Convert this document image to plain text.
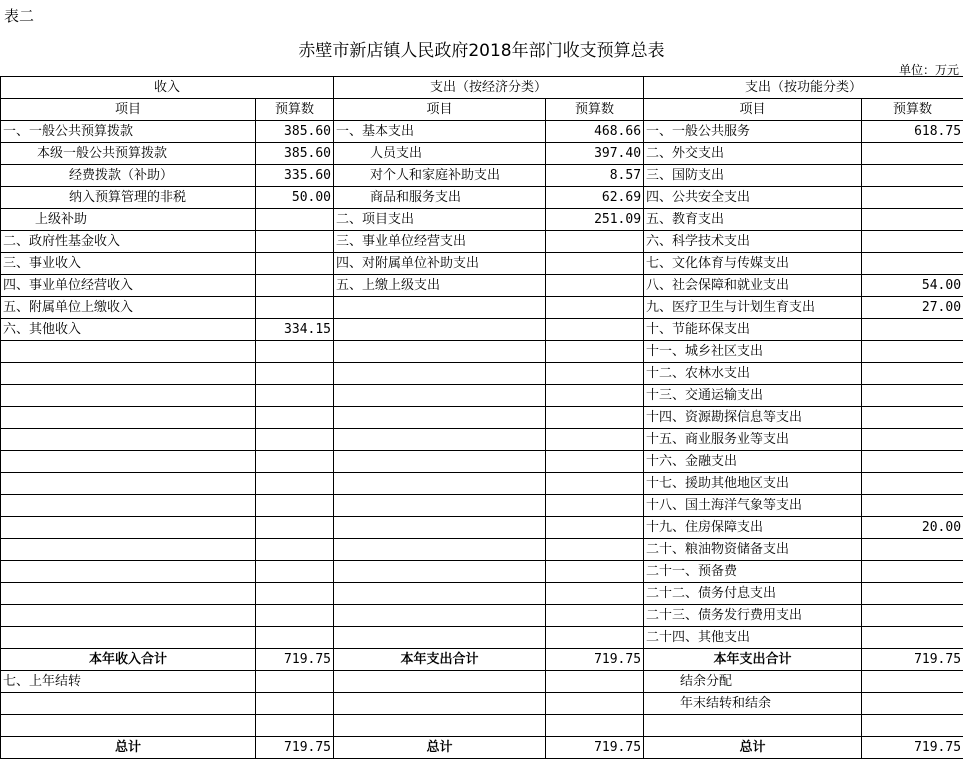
表二
赤壁市新店镇人民政府2018年部门收支预算总表
单位：万元
收入		支出（按经济分类）		支出（按功能分类）	
项目	预算数	项目	预算数	项目	预算数
一、一般公共预算拨款	385.60	一、基本支出	468.66	一、一般公共服务	618.75
本级一般公共预算拨款	385.60	人员支出	397.40	二、外交支出	
经费拨款（补助）	335.60	对个人和家庭补助支出	8.57	三、国防支出	
纳入预算管理的非税	50.00	商品和服务支出	62.69	四、公共安全支出	
上级补助		二、项目支出	251.09	五、教育支出	
二、政府性基金收入		三、事业单位经营支出		六、科学技术支出	
三、事业收入		四、对附属单位补助支出		七、文化体育与传媒支出	
四、事业单位经营收入		五、上缴上级支出		八、社会保障和就业支出	54.00
五、附属单位上缴收入				九、医疗卫生与计划生育支出	27.00
六、其他收入	334.15			十、节能环保支出	
				十一、城乡社区支出	
				十二、农林水支出	
				十三、交通运输支出	
				十四、资源勘探信息等支出	
				十五、商业服务业等支出	
				十六、金融支出	
				十七、援助其他地区支出	
				十八、国土海洋气象等支出	
				十九、住房保障支出	20.00
				二十、粮油物资储备支出	
				二十一、预备费	
				二十二、债务付息支出	
				二十三、债务发行费用支出	
				二十四、其他支出	
本年收入合计	719.75	本年支出合计	719.75	本年支出合计	719.75
七、上年结转				结余分配	
				年末结转和结余	

总计	719.75	总计	719.75	总计	719.75
